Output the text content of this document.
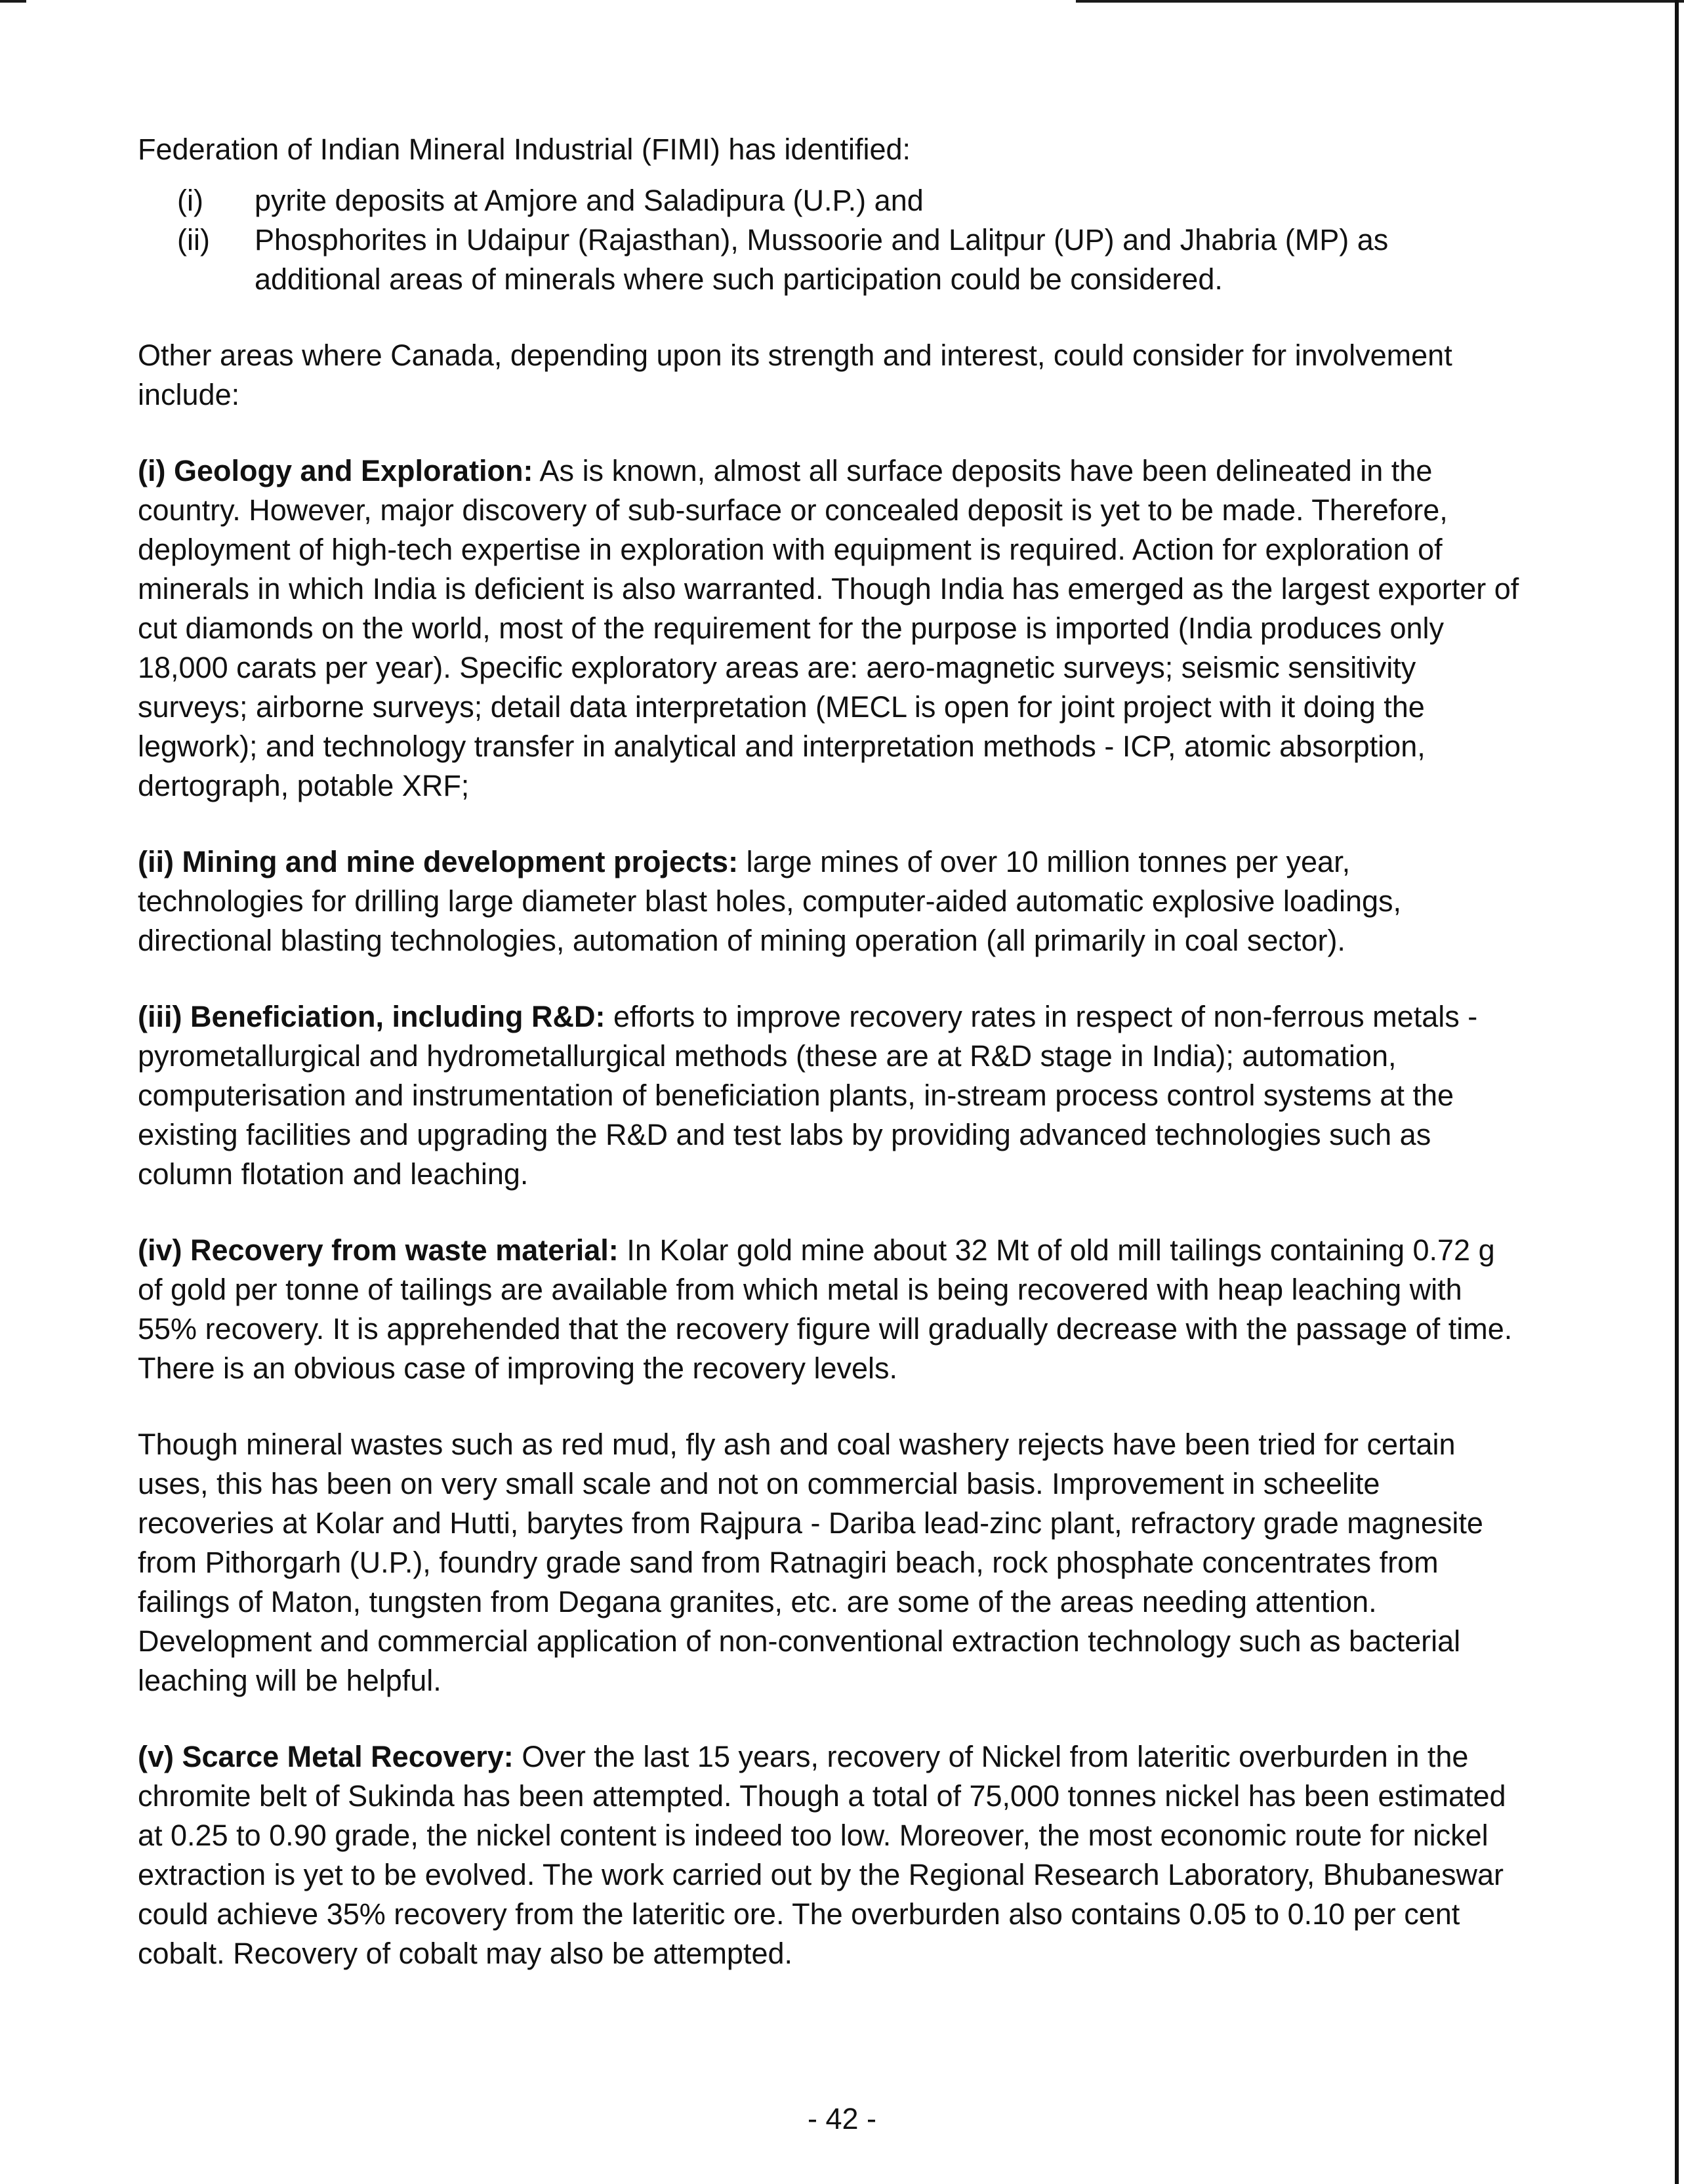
Federation of Indian Mineral Industrial (FIMI) has identified:

(i)	pyrite deposits at Amjore and Saladipura (U.P.) and
(ii)	Phosphorites in Udaipur (Rajasthan), Mussoorie and Lalitpur (UP) and Jhabria (MP) as additional areas of minerals where such participation could be considered.

Other areas where Canada, depending upon its strength and interest, could consider for involvement include:

(i) Geology and Exploration: As is known, almost all surface deposits have been delineated in the country. However, major discovery of sub-surface or concealed deposit is yet to be made. Therefore, deployment of high-tech expertise in exploration with equipment is required. Action for exploration of minerals in which India is deficient is also warranted. Though India has emerged as the largest exporter of cut diamonds on the world, most of the requirement for the purpose is imported (India produces only 18,000 carats per year). Specific exploratory areas are: aero-magnetic surveys; seismic sensitivity surveys; airborne surveys; detail data interpretation (MECL is open for joint project with it doing the legwork); and technology transfer in analytical and interpretation methods - ICP, atomic absorption, dertograph, potable XRF;

(ii) Mining and mine development projects: large mines of over 10 million tonnes per year, technologies for drilling large diameter blast holes, computer-aided automatic explosive loadings, directional blasting technologies, automation of mining operation (all primarily in coal sector).

(iii) Beneficiation, including R&D: efforts to improve recovery rates in respect of non-ferrous metals - pyrometallurgical and hydrometallurgical methods (these are at R&D stage in India); automation, computerisation and instrumentation of beneficiation plants, in-stream process control systems at the existing facilities and upgrading the R&D and test labs by providing advanced technologies such as column flotation and leaching.

(iv) Recovery from waste material: In Kolar gold mine about 32 Mt of old mill tailings containing 0.72 g of gold per tonne of tailings are available from which metal is being recovered with heap leaching with 55% recovery. It is apprehended that the recovery figure will gradually decrease with the passage of time. There is an obvious case of improving the recovery levels.

Though mineral wastes such as red mud, fly ash and coal washery rejects have been tried for certain uses, this has been on very small scale and not on commercial basis. Improvement in scheelite recoveries at Kolar and Hutti, barytes from Rajpura - Dariba lead-zinc plant, refractory grade magnesite from Pithorgarh (U.P.), foundry grade sand from Ratnagiri beach, rock phosphate concentrates from failings of Maton, tungsten from Degana granites, etc. are some of the areas needing attention. Development and commercial application of non-conventional extraction technology such as bacterial leaching will be helpful.

(v) Scarce Metal Recovery: Over the last 15 years, recovery of Nickel from lateritic overburden in the chromite belt of Sukinda has been attempted. Though a total of 75,000 tonnes nickel has been estimated at 0.25 to 0.90 grade, the nickel content is indeed too low. Moreover, the most economic route for nickel extraction is yet to be evolved. The work carried out by the Regional Research Laboratory, Bhubaneswar could achieve 35% recovery from the lateritic ore. The overburden also contains 0.05 to 0.10 per cent cobalt. Recovery of cobalt may also be attempted.

- 42 -
